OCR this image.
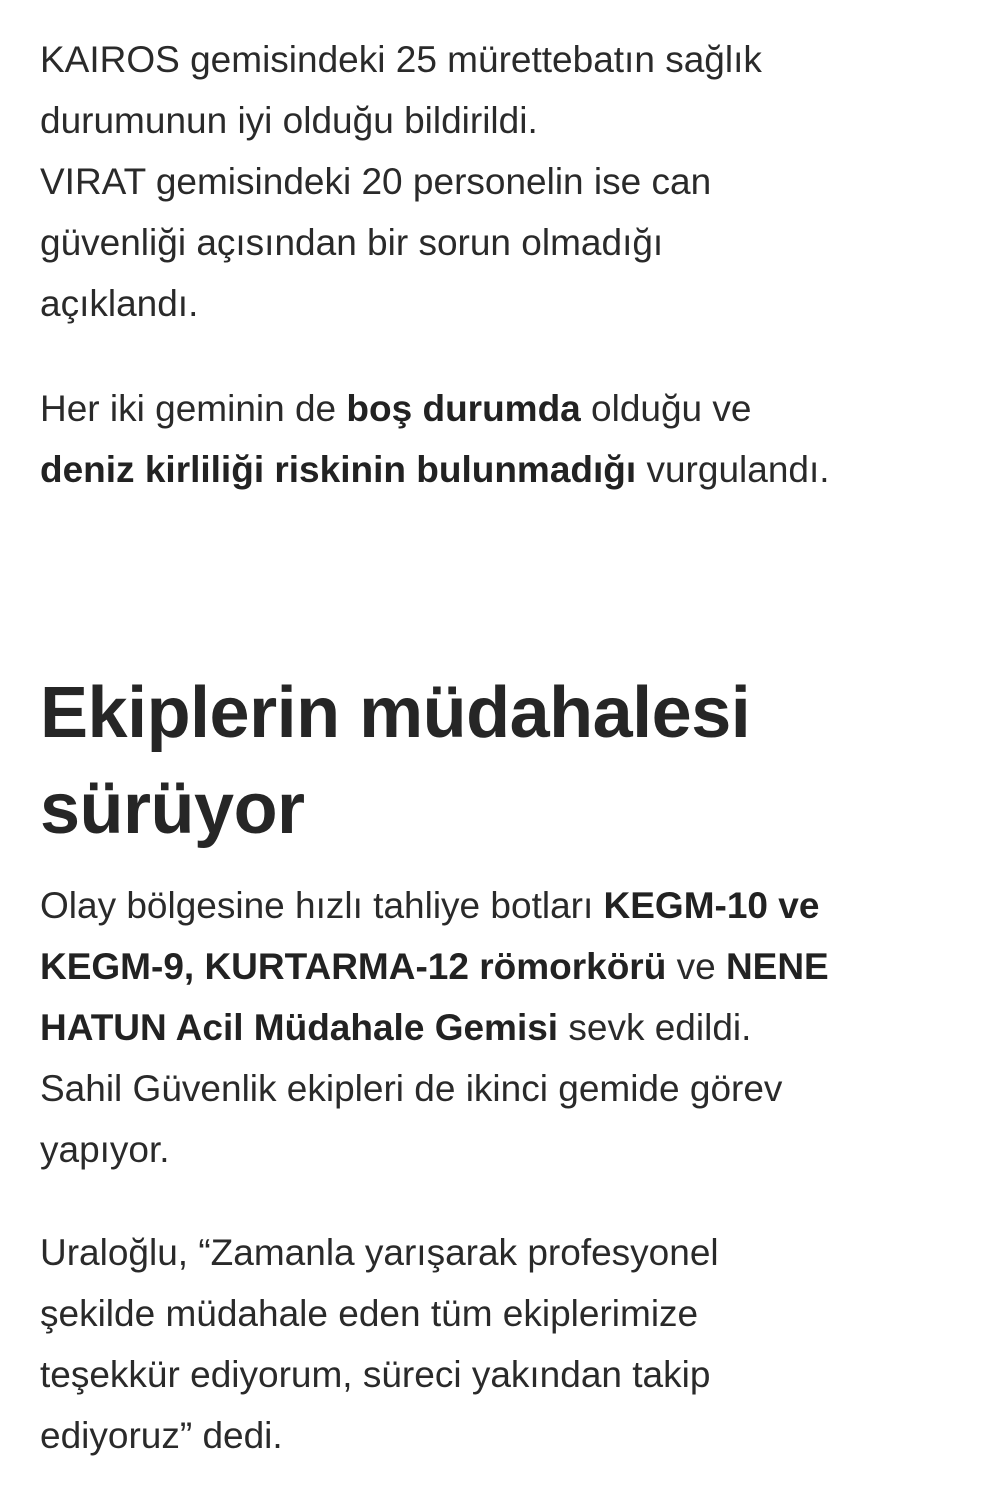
KAIROS gemisindeki 25 mürettebatın sağlık
durumunun iyi olduğu bildirildi.
VIRAT gemisindeki 20 personelin ise can
güvenliği açısından bir sorun olmadığı
açıklandı.

Her iki geminin de boş durumda olduğu ve
deniz kirliliği riskinin bulunmadığı vurgulandı.

Ekiplerin müdahalesi
sürüyor

Olay bölgesine hızlı tahliye botları KEGM-10 ve
KEGM-9, KURTARMA-12 römorkörü ve NENE
HATUN Acil Müdahale Gemisi sevk edildi.
Sahil Güvenlik ekipleri de ikinci gemide görev
yapıyor.

Uraloğlu, “Zamanla yarışarak profesyonel
şekilde müdahale eden tüm ekiplerimize
teşekkür ediyorum, süreci yakından takip
ediyoruz” dedi.
